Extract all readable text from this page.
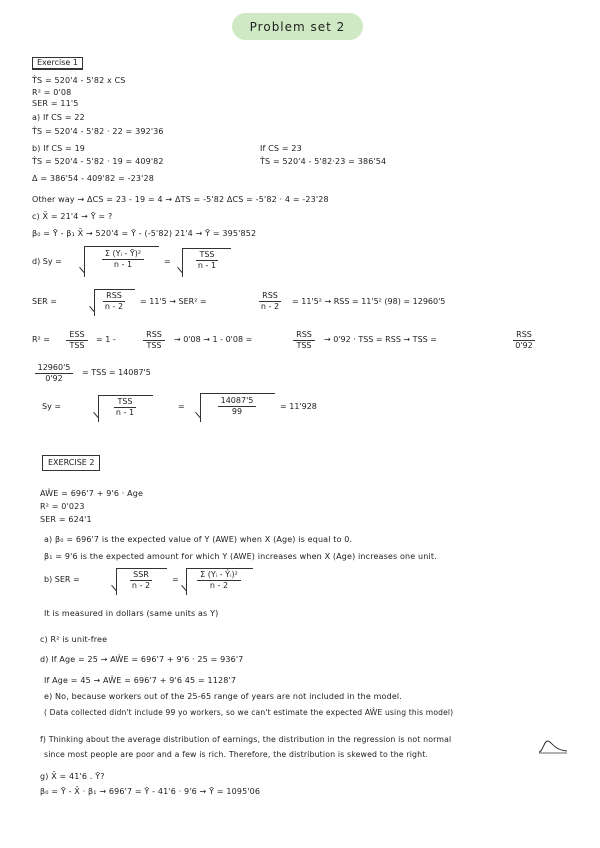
Problem set 2
Exercise 1
T̂S = 520'4 - 5'82 x CS
R² = 0'08
SER = 11'5
a) If CS = 22
T̂S = 520'4 - 5'82 · 22 = 392'36
b) If CS = 19	If CS = 23
T̂S = 520'4 - 5'82 · 19 = 409'82	T̂S = 520'4 - 5'82·23 = 386'54
Δ = 386'54 - 409'82 = -23'28
Other way → ΔCS = 23 - 19 = 4 → ΔTS = -5'82 ΔCS = -5'82 · 4 = -23'28
c) X̄ = 21'4 → Ȳ = ?
β₀ = Ȳ - β₁ X̄ → 520'4 = Ȳ - (-5'82) 21'4 → Ȳ = 395'852
d) Sy =	$\frac{\text{Σ (Yᵢ - Ȳ)²}}{n - 1}$ =
TSS
n - 1
SER =
RSS
n - 2
= 11'5 → SER² =
RSS
n - 2
= 11'5² → RSS = 11'5² (98) = 12960'5
R² =
ESS
TSS
= 1 -
RSS
TSS
→ 0'08 → 1 - 0'08 =
RSS
TSS
→ 0'92 · TSS = RSS → TSS =
RSS
0'92
$\frac{12960'5}{0'92}$ = TSS = 14087'5
Sy =
TSS
n - 1
= $\frac{14087'5}{99} = 11'928$
EXERCISE 2
AŴE = 696'7 + 9'6 · Age
R² = 0'023
SER = 624'1
a) β₀ = 696'7 is the expected value of Y (AWE) when X (Age) is equal to 0.
β₁ = 9'6 is the expected amount for which Y (AWE) increases when X (Age) increases one unit.
b) SER =
SSR
n - 2
= $\frac{\text{Σ (Yᵢ - Ŷᵢ)²}}{n - 2}$
It is measured in dollars (same units as Y)
c) R² is unit-free
d) If Age = 25 → AŴE = 696'7 + 9'6 · 25 = 936'7
If Age = 45 → AŴE = 696'7 + 9'6 45 = 1128'7
e) No, because workers out of the 25-65 range of years are not included in the model.
( Data collected didn't include 99 yo workers, so we can't estimate the expected AŴE using this model)
f) Thinking about the average distribution of earnings, the distribution in the regression is not normal
since most people are poor and a few is rich. Therefore, the distribution is skewed to the right.
g) X̄ = 41'6 . Ȳ?
β₀ = Ȳ - X̄ · β₁ → 696'7 = Ȳ - 41'6 · 9'6 → Ȳ = 1095'06
